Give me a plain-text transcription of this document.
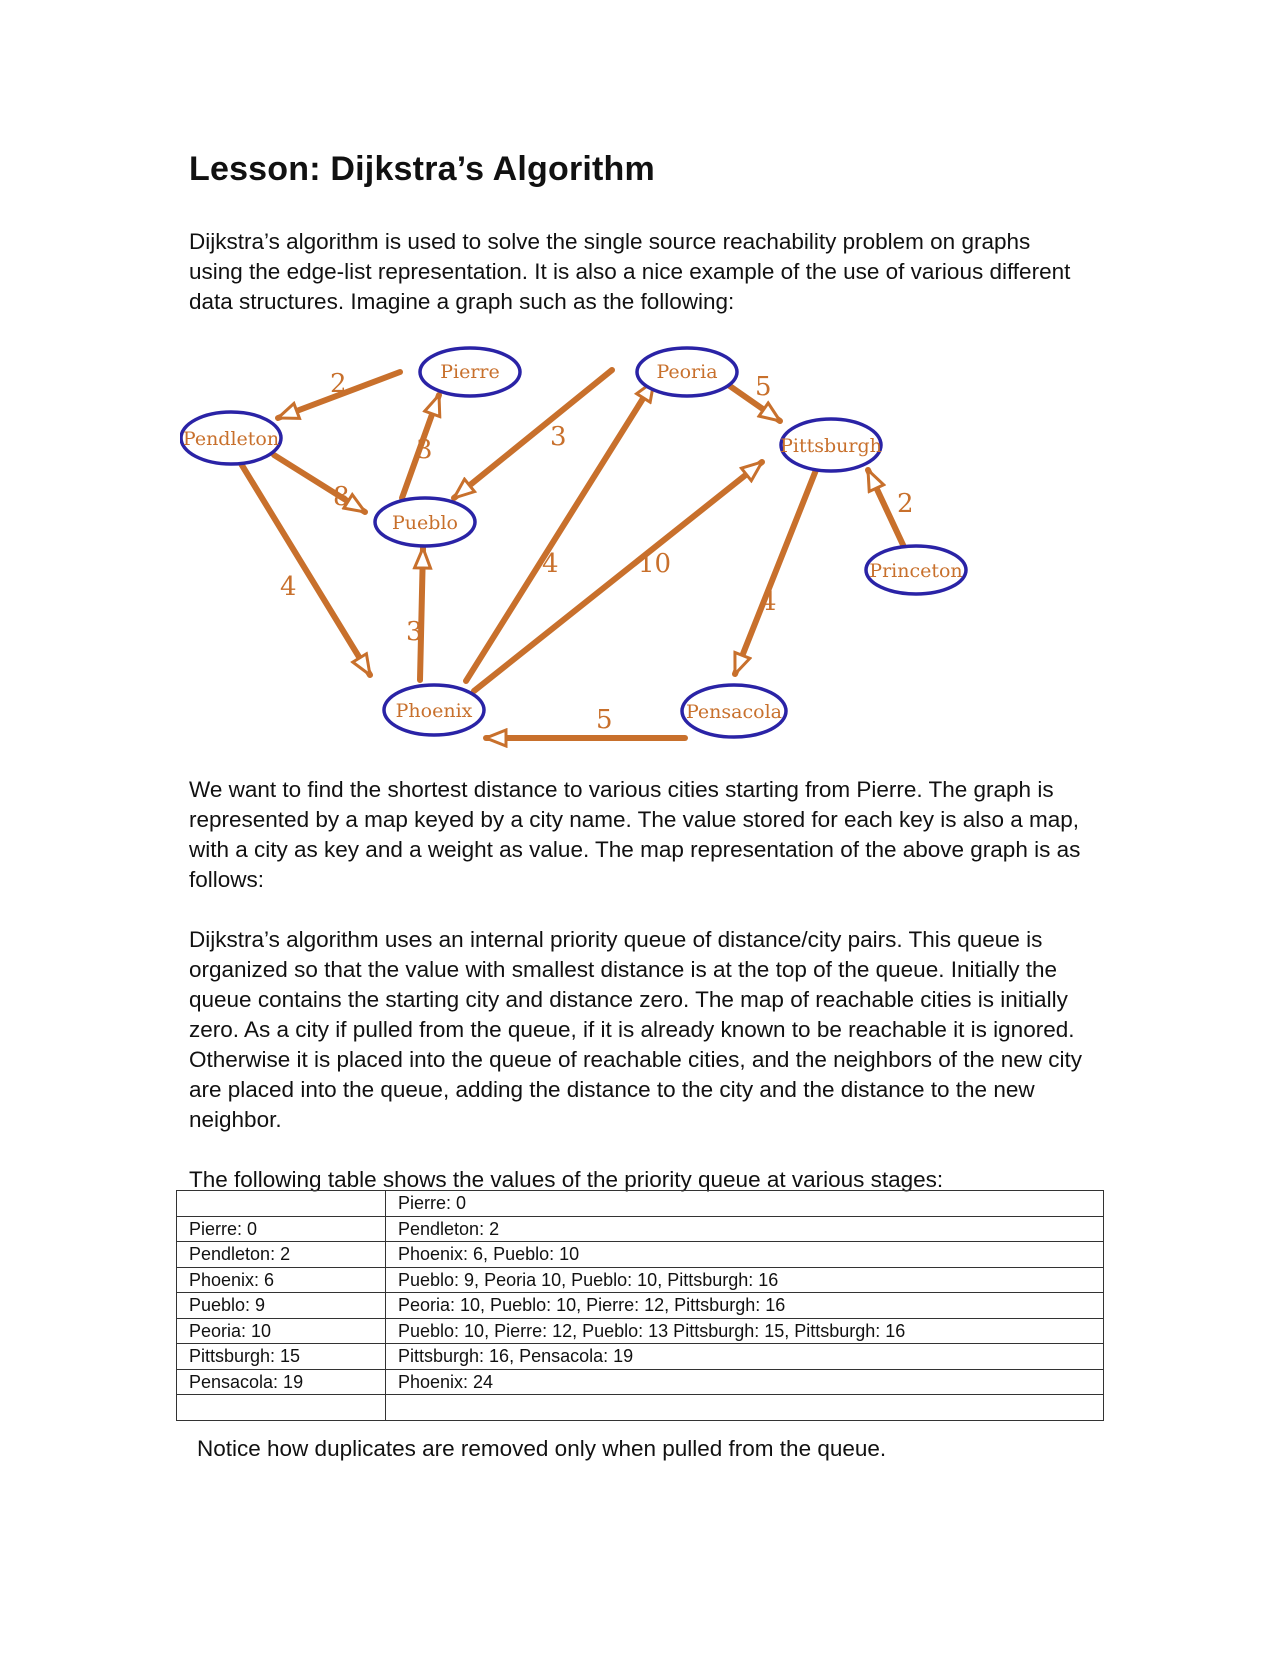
Lesson: Dijkstra’s Algorithm

Dijkstra’s algorithm is used to solve the single source reachability problem on graphs using the edge-list representation. It is also a nice example of the use of various different data structures. Imagine a graph such as the following:

2
3
8
4
3
5
4	10
3
4
2
5
Pierre	Peoria
Pendleton	Pittsburgh
Pueblo
Princeton
Phoenix	Pensacola

We want to find the shortest distance to various cities starting from Pierre. The graph is represented by a map keyed by a city name. The value stored for each key is also a map, with a city as key and a weight as value. The map representation of the above graph is as follows:

Dijkstra’s algorithm uses an internal priority queue of distance/city pairs. This queue is organized so that the value with smallest distance is at the top of the queue. Initially the queue contains the starting city and distance zero. The map of reachable cities is initially zero. As a city if pulled from the queue, if it is already known to be reachable it is ignored. Otherwise it is placed into the queue of reachable cities, and the neighbors of the new city are placed into the queue, adding the distance to the city and the distance to the new neighbor.

The following table shows the values of the priority queue at various stages:

	Pierre: 0
Pierre: 0	Pendleton: 2
Pendleton: 2	Phoenix: 6, Pueblo: 10
Phoenix: 6	Pueblo: 9, Peoria 10, Pueblo: 10, Pittsburgh: 16
Pueblo: 9	Peoria: 10, Pueblo: 10, Pierre: 12, Pittsburgh: 16
Peoria: 10	Pueblo: 10, Pierre: 12, Pueblo: 13 Pittsburgh: 15, Pittsburgh: 16
Pittsburgh: 15	Pittsburgh: 16, Pensacola: 19
Pensacola: 19	Phoenix: 24

Notice how duplicates are removed only when pulled from the queue.
